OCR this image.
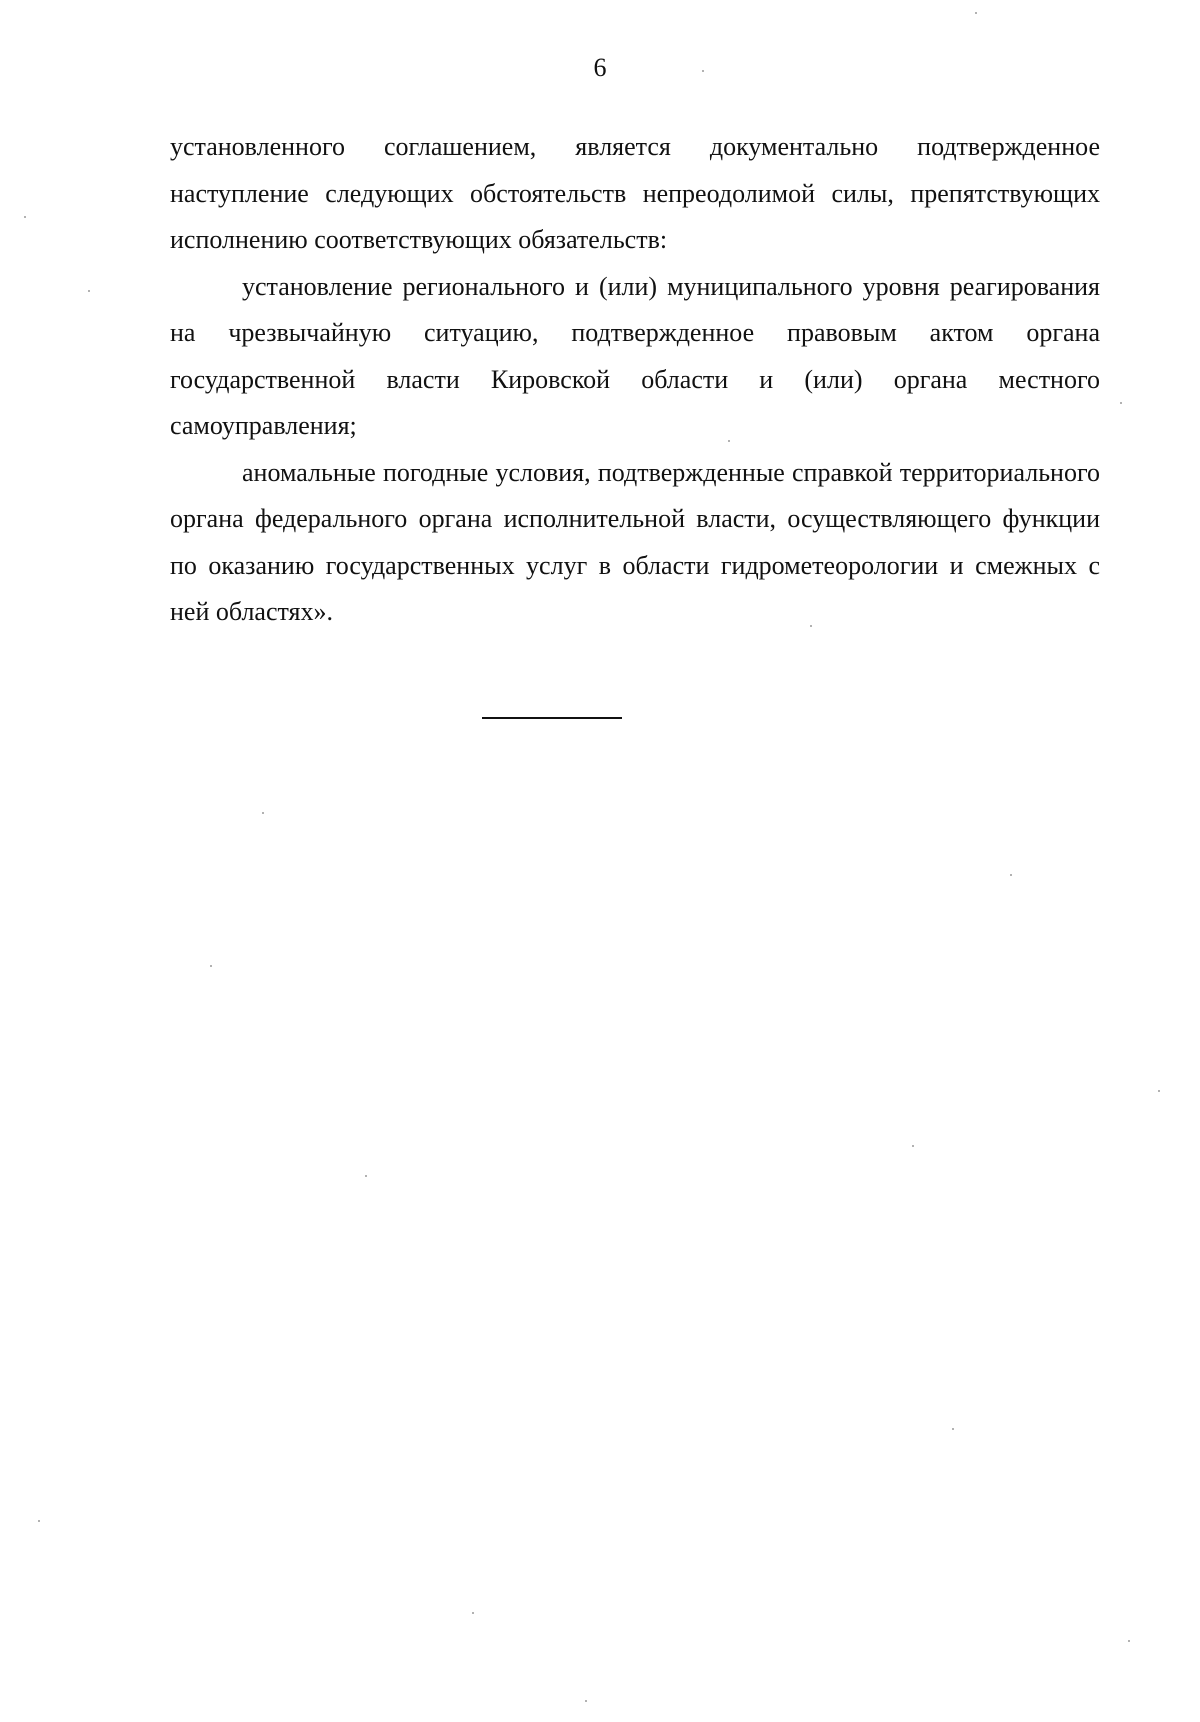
6

установленного соглашением, является документально подтвержденное наступление следующих обстоятельств непреодолимой силы, препятствующих исполнению соответствующих обязательств:

установление регионального и (или) муниципального уровня реагирования на чрезвычайную ситуацию, подтвержденное правовым актом органа государственной власти Кировской области и (или) органа местного самоуправления;

аномальные погодные условия, подтвержденные справкой территориального органа федерального органа исполнительной власти, осуществляющего функции по оказанию государственных услуг в области гидрометеорологии и смежных с ней областях».
